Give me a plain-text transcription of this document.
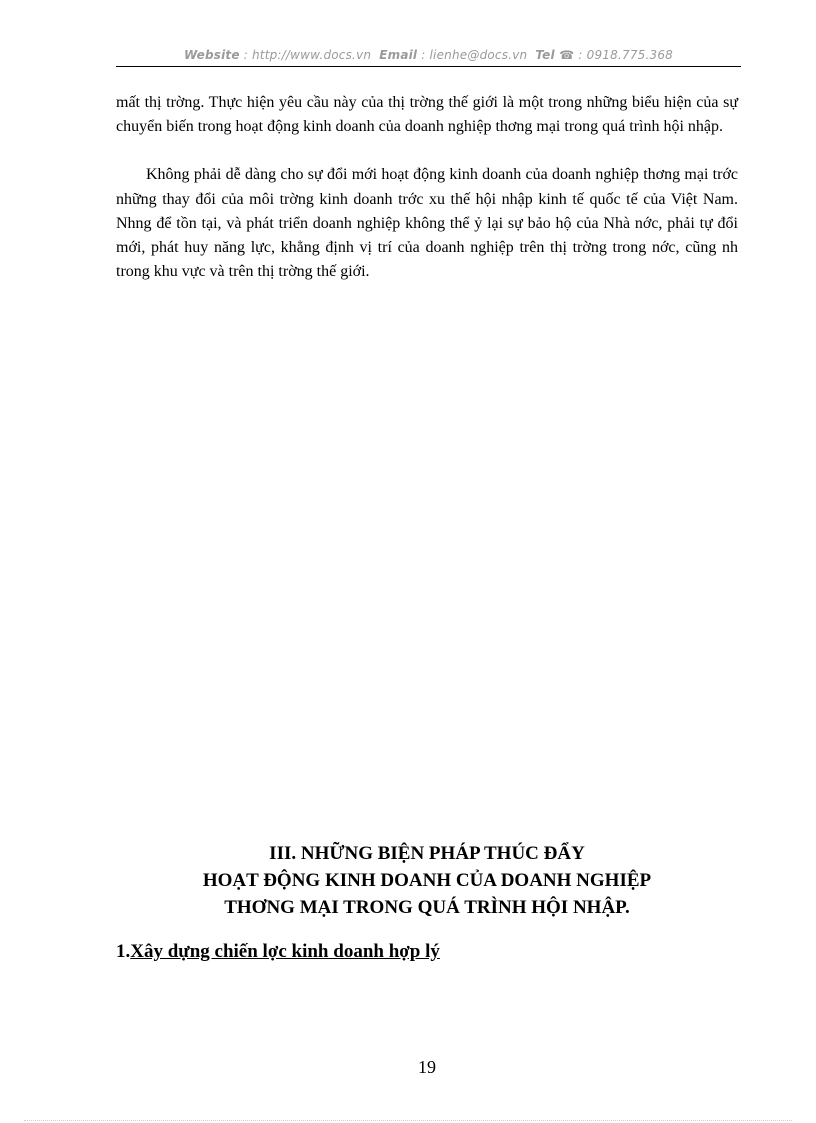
Website : http://www.docs.vn Email : lienhe@docs.vn Tel ☎ : 0918.775.368

mất thị trờng. Thực hiện yêu cầu này của thị trờng thế giới là một trong những biểu hiện của sự chuyển biến trong hoạt động kinh doanh của doanh nghiệp thơng mại trong quá trình hội nhập.

Không phải dễ dàng cho sự đổi mới hoạt động kinh doanh của doanh nghiệp thơng mại trớc những thay đổi của môi trờng kinh doanh trớc xu thế hội nhập kinh tế quốc tế của Việt Nam. Nhng để tồn tại, và phát triển doanh nghiệp không thể ỷ lại sự bảo hộ của Nhà nớc, phải tự đổi mới, phát huy năng lực, khẳng định vị trí của doanh nghiệp trên thị trờng trong nớc, cũng nh trong khu vực và trên thị trờng thế giới.

III. NHỮNG BIỆN PHÁP THÚC ĐẨY
HOẠT ĐỘNG KINH DOANH CỦA DOANH NGHIỆP
THƠNG MẠI TRONG QUÁ TRÌNH HỘI NHẬP.
1.Xây dựng chiến lợc kinh doanh hợp lý
19
